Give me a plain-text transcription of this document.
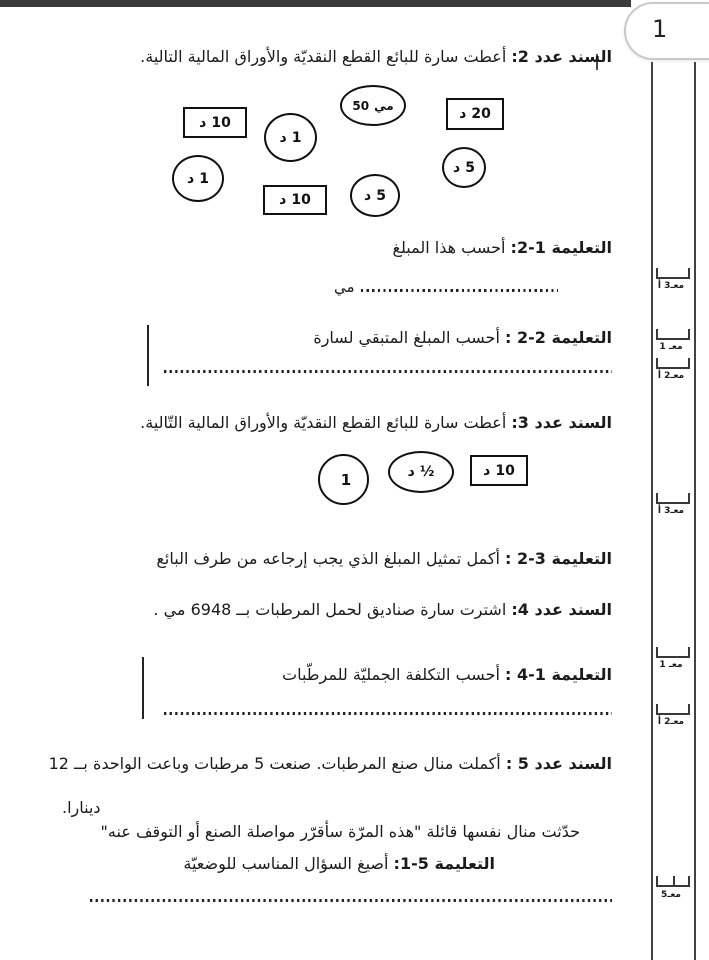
1
السند عدد 2: أعطت سارة للبائع القطع النقديّة والأوراق المالية التالية.
د 10
د 1
50 مي
د 20
د 1
د 10	د 5
د 5
التعليمة 1-2: أحسب هذا المبلغ
مي
التعليمة 2-2 : أحسب المبلغ المتبقي لسارة
السند عدد 3: أعطت سارة للبائع القطع النقديّة والأوراق المالية التّالية.
1	د ½	د 10
التعليمة 3-2 : أكمل تمثيل المبلغ الذي يجب إرجاعه من طرف البائع
السند عدد 4: اشترت سارة صناديق لحمل المرطبات بــ 6948 مي .
التعليمة 1-4 : أحسب التكلفة الجمليّة للمرطّبات
السند عدد 5 : أكملت منال صنع المرطبات. صنعت 5 مرطبات وباعت الواحدة بــ 12
دينارا.
حدّثت منال نفسها قائلة "هذه المرّة سأقرّر مواصلة الصنع أو التوقف عنه"
التعليمة 5-1: أصيغ السؤال المناسب للوضعيّة
معـ3 أ
معـ 1
معـ2 أ
معـ3 أ
معـ 1
معـ2 أ
معـ5
